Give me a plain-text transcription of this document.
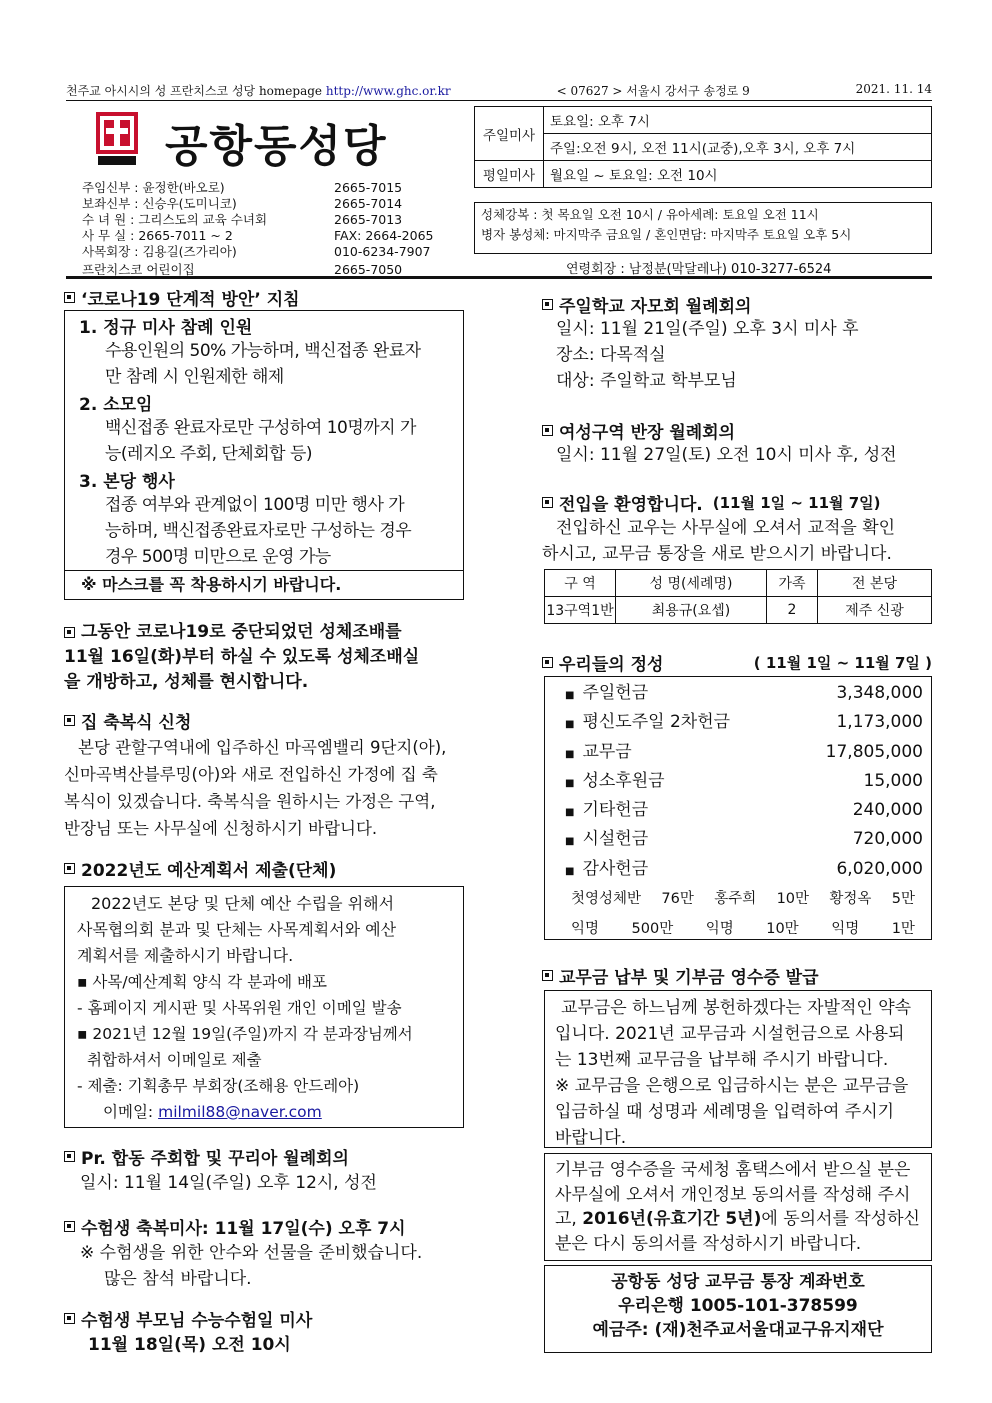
천주교 아시시의 성 프란치스코 성당 homepage http://www.ghc.or.kr	< 07627 > 서울시 강서구 송정로 9	2021. 11. 14
공항동성당
주임신부 : 윤정한(바오로)	2665-7015
보좌신부 : 신승우(도미니코)	2665-7014
수 녀 원 : 그리스도의 교육 수녀회	2665-7013
사 무 실 : 2665-7011 ~ 2	FAX: 2664-2065
사목회장 : 김용길(즈가리아)	010-6234-7907
프란치스코 어린이집	2665-7050
주일미사	토요일: 오후 7시
	주일:오전 9시, 오전 11시(교중),오후 3시, 오후 7시
평일미사	월요일 ~ 토요일: 오전 10시
성체강복 : 첫 목요일 오전 10시 / 유아세례: 토요일 오전 11시
병자 봉성체: 마지막주 금요일 / 혼인면담: 마지막주 토요일 오후 5시
연령회장 : 남정분(막달레나) 010-3277-6524
‘코로나19 단계적 방안’ 지침
1. 정규 미사 참례 인원
수용인원의 50% 가능하며, 백신접종 완료자
만 참례 시 인원제한 해제
2. 소모임
백신접종 완료자로만 구성하여 10명까지 가
능(레지오 주회, 단체회합 등)
3. 본당 행사
접종 여부와 관계없이 100명 미만 행사 가
능하며, 백신접종완료자로만 구성하는 경우
경우 500명 미만으로 운영 가능
※ 마스크를 꼭 착용하시기 바랍니다.
그동안 코로나19로 중단되었던 성체조배를
11월 16일(화)부터 하실 수 있도록 성체조배실
을 개방하고, 성체를 현시합니다.
집 축복식 신청
본당 관할구역내에 입주하신 마곡엠밸리 9단지(아),
신마곡벽산블루밍(아)와 새로 전입하신 가정에 집 축
복식이 있겠습니다. 축복식을 원하시는 가정은 구역,
반장님 또는 사무실에 신청하시기 바랍니다.
2022년도 예산계획서 제출(단체)
2022년도 본당 및 단체 예산 수립을 위해서
사목협의회 분과 및 단체는 사목계획서와 예산
계획서를 제출하시기 바랍니다.
▪ 사목/예산계획 양식 각 분과에 배포
- 홈페이지 게시판 및 사목위원 개인 이메일 발송
▪ 2021년 12월 19일(주일)까지 각 분과장님께서
취합하셔서 이메일로 제출
- 제출: 기획총무 부회장(조해용 안드레아)
이메일: milmil88@naver.com
Pr. 합동 주회합 및 꾸리아 월례회의
일시: 11월 14일(주일) 오후 12시, 성전
수험생 축복미사: 11월 17일(수) 오후 7시
※ 수험생을 위한 안수와 선물을 준비했습니다.
많은 참석 바랍니다.
수험생 부모님 수능수험일 미사
11월 18일(목) 오전 10시
주일학교 자모회 월례회의
일시: 11월 21일(주일) 오후 3시 미사 후
장소: 다목적실
대상: 주일학교 학부모님
여성구역 반장 월례회의
일시: 11월 27일(토) 오전 10시 미사 후, 성전
전입을 환영합니다. (11월 1일 ~ 11월 7일)
전입하신 교우는 사무실에 오셔서 교적을 확인
하시고, 교무금 통장을 새로 받으시기 바랍니다.
구 역	성 명(세례명)	가족	전 본당
13구역1반	최용규(요셉)	2	제주 신광
우리들의 정성	( 11월 1일 ~ 11월 7일 )
■ 주일헌금	3,348,000
■ 평신도주일 2차헌금	1,173,000
■ 교무금	17,805,000
■ 성소후원금	15,000
■ 기타헌금	240,000
■ 시설헌금	720,000
■ 감사헌금	6,020,000
첫영성체반 76만 홍주희 10만 황정옥 5만
익명 500만 익명 10만 익명 1만
교무금 납부 및 기부금 영수증 발급
교무금은 하느님께 봉헌하겠다는 자발적인 약속
입니다. 2021년 교무금과 시설헌금으로 사용되
는 13번째 교무금을 납부해 주시기 바랍니다.
※ 교무금을 은행으로 입금하시는 분은 교무금을
입금하실 때 성명과 세례명을 입력하여 주시기
바랍니다.
기부금 영수증을 국세청 홈택스에서 받으실 분은
사무실에 오셔서 개인정보 동의서를 작성해 주시
고, 2016년(유효기간 5년)에 동의서를 작성하신
분은 다시 동의서를 작성하시기 바랍니다.
공항동 성당 교무금 통장 계좌번호
우리은행 1005-101-378599
예금주: (재)천주교서울대교구유지재단
